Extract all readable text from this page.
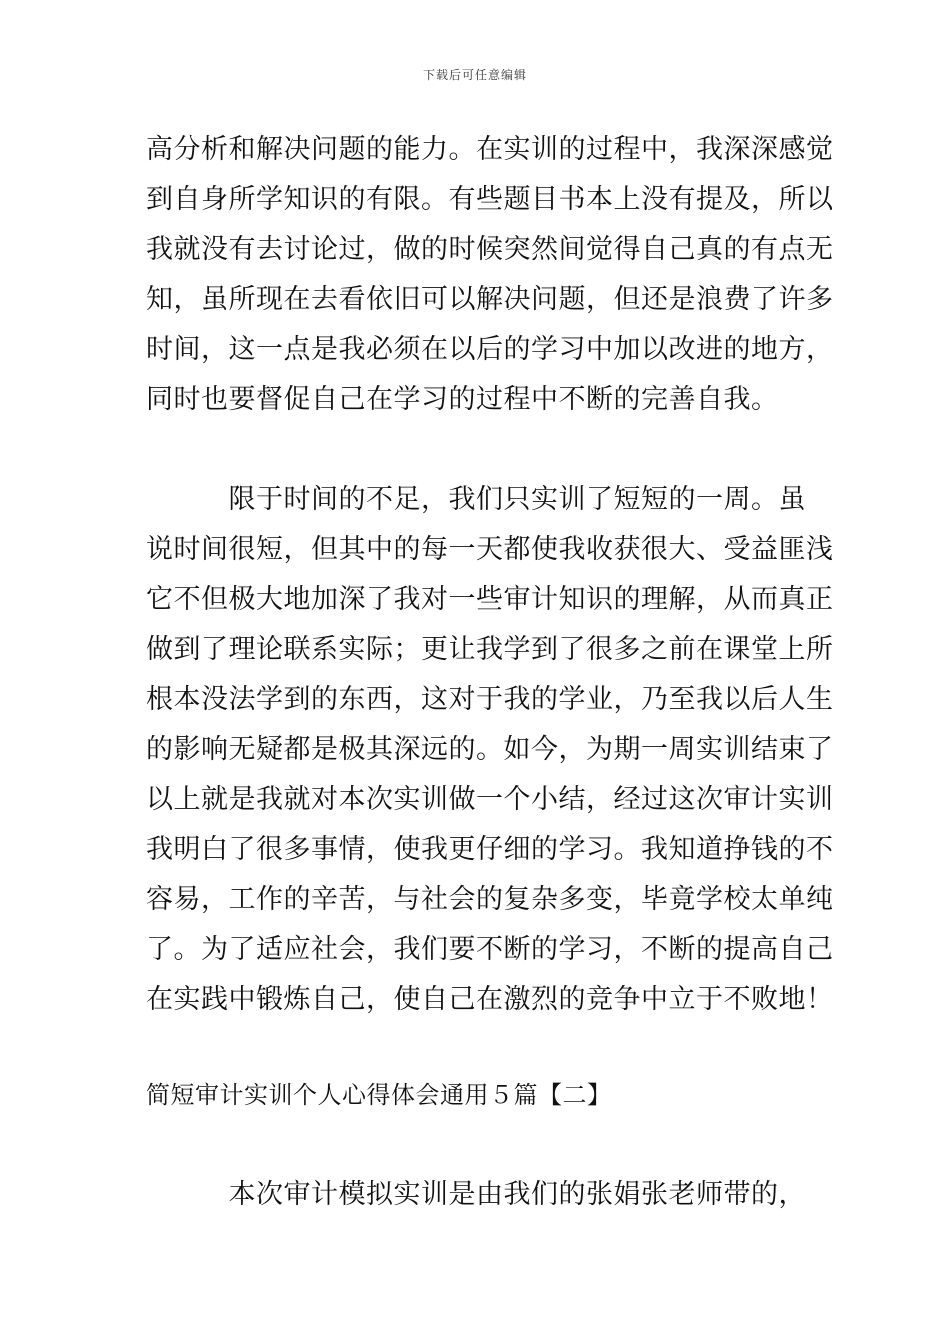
下载后可任意编辑
高分析和解决问题的能力。在实训的过程中，我深深感觉
到自身所学知识的有限。有些题目书本上没有提及，所以
我就没有去讨论过，做的时候突然间觉得自己真的有点无
知，虽所现在去看依旧可以解决问题，但还是浪费了许多
时间，这一点是我必须在以后的学习中加以改进的地方，
同时也要督促自己在学习的过程中不断的完善自我。
　　　限于时间的不足，我们只实训了短短的一周。虽
说时间很短，但其中的每一天都使我收获很大、受益匪浅
它不但极大地加深了我对一些审计知识的理解，从而真正
做到了理论联系实际；更让我学到了很多之前在课堂上所
根本没法学到的东西，这对于我的学业，乃至我以后人生
的影响无疑都是极其深远的。如今，为期一周实训结束了
以上就是我就对本次实训做一个小结，经过这次审计实训
我明白了很多事情，使我更仔细的学习。我知道挣钱的不
容易，工作的辛苦，与社会的复杂多变，毕竟学校太单纯
了。为了适应社会，我们要不断的学习，不断的提高自己
在实践中锻炼自己，使自己在激烈的竞争中立于不败地！
简短审计实训个人心得体会通用５篇【二】
　　　本次审计模拟实训是由我们的张娟张老师带的，
